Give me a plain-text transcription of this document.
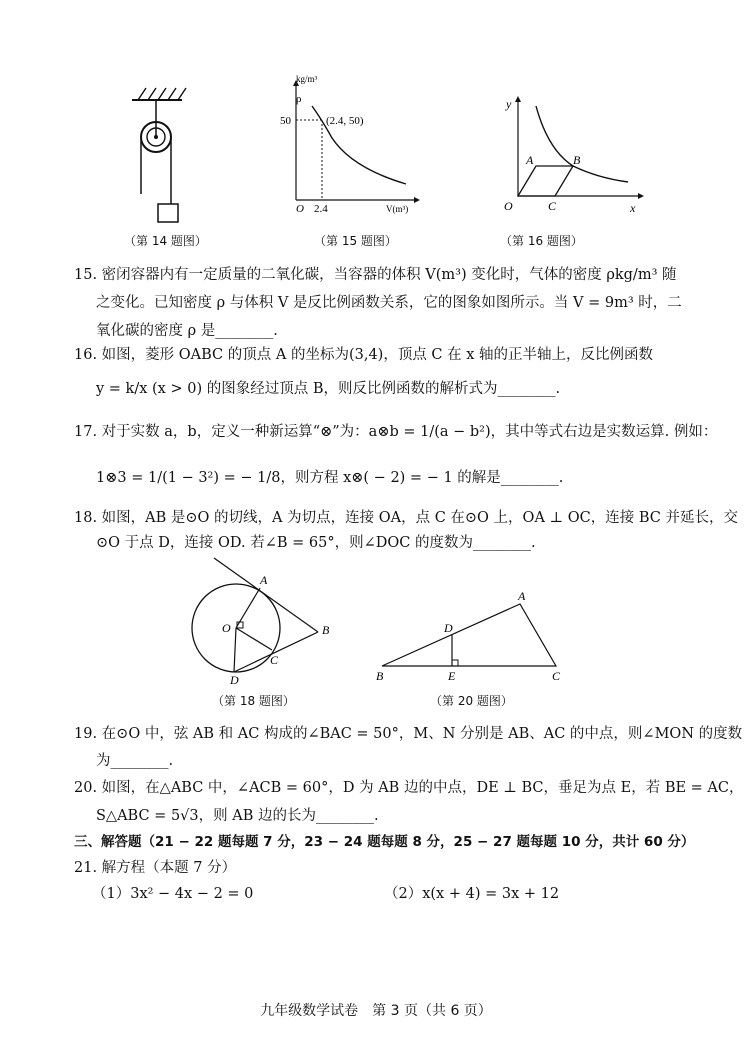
（第 14 题图）
kg/m³
ρ
50	(2.4, 50)
O 2.4	V(m³)
（第 15 题图）
y
x
O
A	B
C
（第 16 题图）
15. 密闭容器内有一定质量的二氧化碳，当容器的体积 V(m³) 变化时，气体的密度 ρkg/m³ 随
之变化。已知密度 ρ 与体积 V 是反比例函数关系，它的图象如图所示。当 V = 9m³ 时，二
氧化碳的密度 ρ 是________.
16. 如图，菱形 OABC 的顶点 A 的坐标为(3,4)，顶点 C 在 x 轴的正半轴上，反比例函数
y = k/x (x > 0) 的图象经过顶点 B，则反比例函数的解析式为________.
17. 对于实数 a，b，定义一种新运算“⊗”为：a⊗b = 1/(a − b²)，其中等式右边是实数运算. 例如：
1⊗3 = 1/(1 − 3²) = − 1/8，则方程 x⊗( − 2) = − 1 的解是________.
18. 如图，AB 是⊙O 的切线，A 为切点，连接 OA，点 C 在⊙O 上，OA ⊥ OC，连接 BC 并延长，交
⊙O 于点 D，连接 OD. 若∠B = 65°，则∠DOC 的度数为________.
A
O	B
C
D
（第 18 题图）
A
D
B	E	C
（第 20 题图）
19. 在⊙O 中，弦 AB 和 AC 构成的∠BAC = 50°，M、N 分别是 AB、AC 的中点，则∠MON 的度数
为________.
20. 如图，在△ABC 中，∠ACB = 60°，D 为 AB 边的中点，DE ⊥ BC，垂足为点 E，若 BE = AC，
S△ABC = 5√3，则 AB 边的长为________.
三、解答题（21 − 22 题每题 7 分，23 − 24 题每题 8 分，25 − 27 题每题 10 分，共计 60 分）
21. 解方程（本题 7 分）
（1）3x² − 4x − 2 = 0	（2）x(x + 4) = 3x + 12
九年级数学试卷　第 3 页（共 6 页）
